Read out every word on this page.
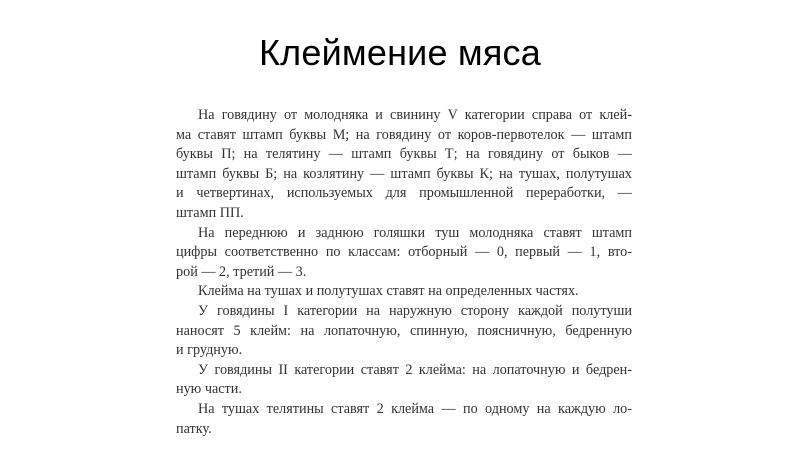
Клеймение мяса
На говядину от молодняка и свинину V категории справа от клей-
ма ставят штамп буквы М; на говядину от коров-первотелок — штамп
буквы П; на телятину — штамп буквы Т; на говядину от быков —
штамп буквы Б; на козлятину — штамп буквы К; на тушах, полутушах
и четвертинах, используемых для промышленной переработки, —
штамп ПП.
На переднюю и заднюю голяшки туш молодняка ставят штамп
цифры соответственно по классам: отборный — 0, первый — 1, вто-
рой — 2, третий — 3.
Клейма на тушах и полутушах ставят на определенных частях.
У говядины I категории на наружную сторону каждой полутуши
наносят 5 клейм: на лопаточную, спинную, поясничную, бедренную
и грудную.
У говядины II категории ставят 2 клейма: на лопаточную и бедрен-
ную части.
На тушах телятины ставят 2 клейма — по одному на каждую ло-
патку.
